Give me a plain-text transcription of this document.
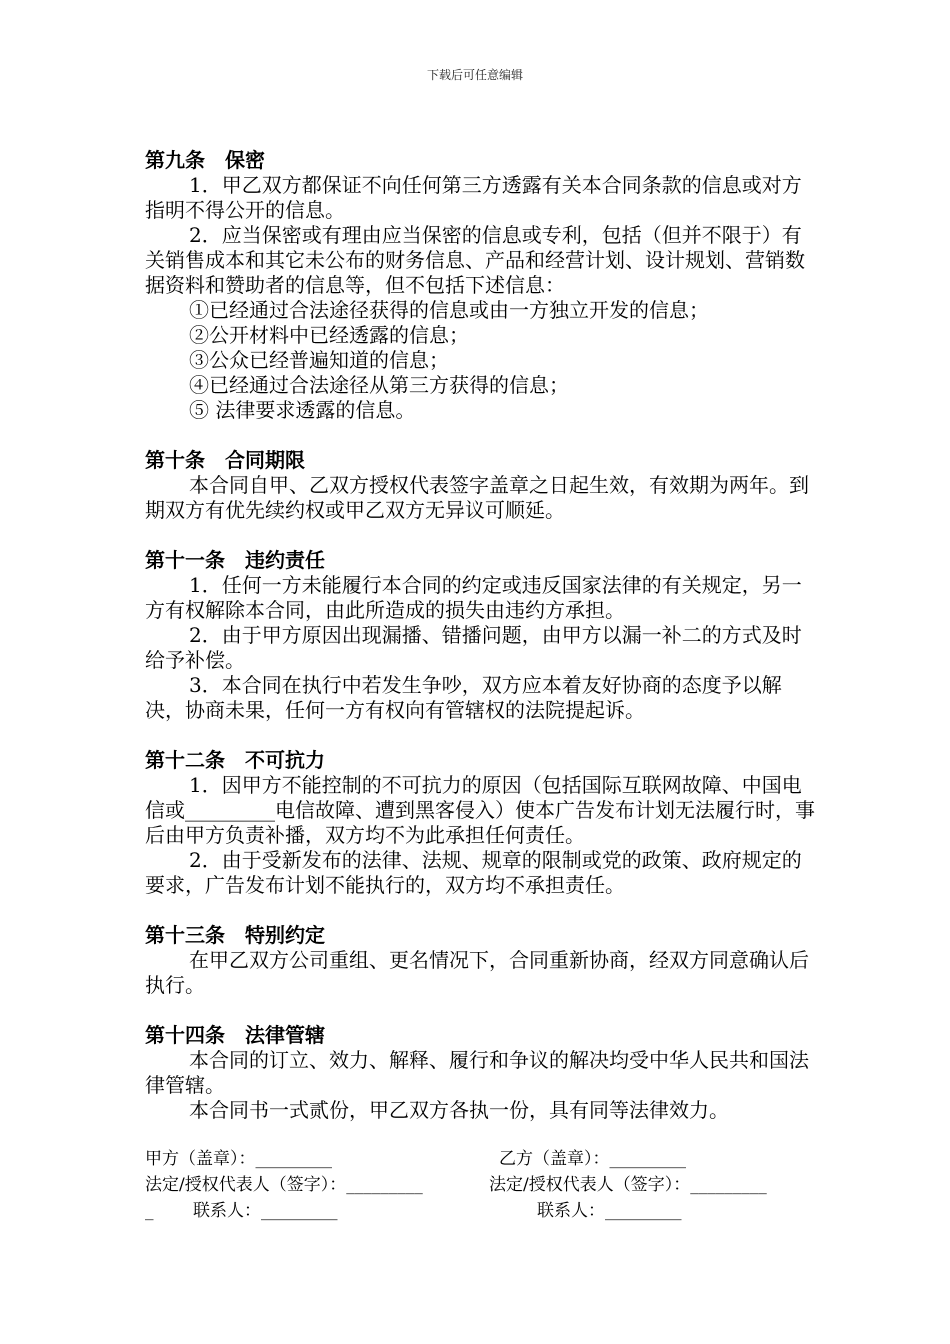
下载后可任意编辑

第九条　保密

1．甲乙双方都保证不向任何第三方透露有关本合同条款的信息或对方指明不得公开的信息。

2．应当保密或有理由应当保密的信息或专利，包括（但并不限于）有关销售成本和其它未公布的财务信息、产品和经营计划、设计规划、营销数据资料和赞助者的信息等，但不包括下述信息：

①已经通过合法途径获得的信息或由一方独立开发的信息；

②公开材料中已经透露的信息；

③公众已经普遍知道的信息；

④已经通过合法途径从第三方获得的信息；

⑤ 法律要求透露的信息。

第十条　合同期限

本合同自甲、乙双方授权代表签字盖章之日起生效，有效期为两年。到期双方有优先续约权或甲乙双方无异议可顺延。

第十一条　违约责任

1．任何一方未能履行本合同的约定或违反国家法律的有关规定，另一方有权解除本合同，由此所造成的损失由违约方承担。

2．由于甲方原因出现漏播、错播问题，由甲方以漏一补二的方式及时给予补偿。

3．本合同在执行中若发生争吵，双方应本着友好协商的态度予以解决，协商未果，任何一方有权向有管辖权的法院提起诉。

第十二条　不可抗力

1．因甲方不能控制的不可抗力的原因（包括国际互联网故障、中国电信或_________电信故障、遭到黑客侵入）使本广告发布计划无法履行时，事后由甲方负责补播，双方均不为此承担任何责任。

2．由于受新发布的法律、法规、规章的限制或党的政策、政府规定的要求，广告发布计划不能执行的，双方均不承担责任。

第十三条　特别约定

在甲乙双方公司重组、更名情况下，合同重新协商，经双方同意确认后执行。

第十四条　法律管辖

本合同的订立、效力、解释、履行和争议的解决均受中华人民共和国法律管辖。

本合同书一式贰份，甲乙双方各执一份，具有同等法律效力。

甲方（盖章）：_________	乙方（盖章）：_________
法定/授权代表人（签字）：_________	法定/授权代表人（签字）：_________
_ 联系人：_________	联系人：_________
